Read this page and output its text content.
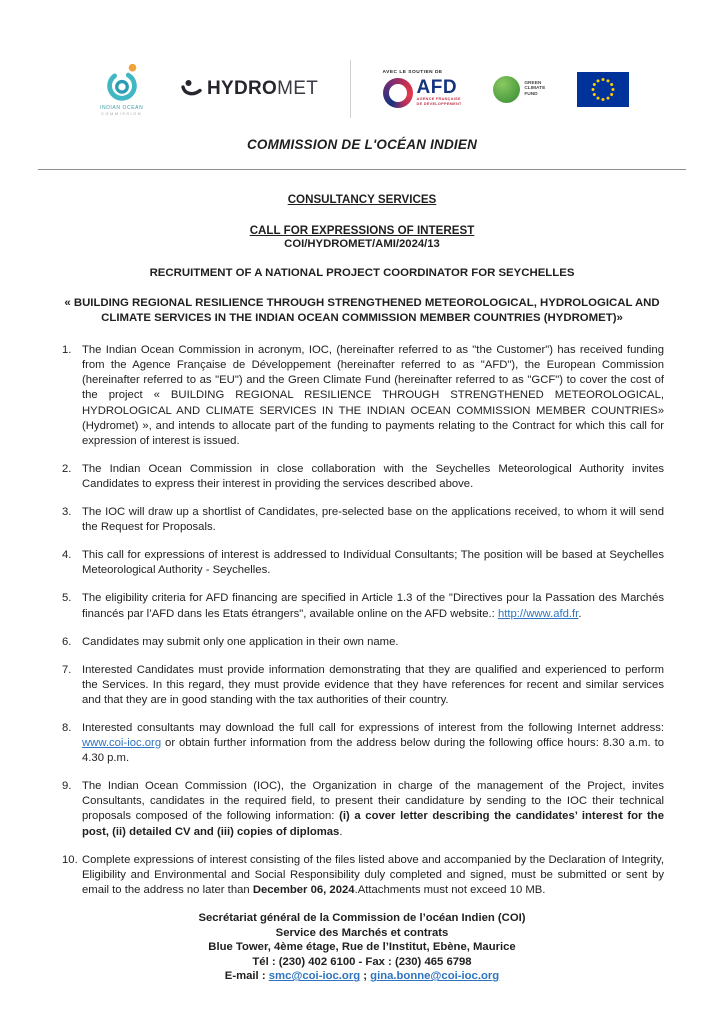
INDIAN OCEAN
COMMISSION
HYDROMET
AVEC LE SOUTIEN DE
AFD
AGENCE FRANÇAISE
DE DÉVELOPPEMENT
GREEN
CLIMATE
FUND
COMMISSION DE L'OCÉAN INDIEN
CONSULTANCY SERVICES
CALL FOR EXPRESSIONS OF INTEREST
COI/HYDROMET/AMI/2024/13
RECRUITMENT OF A NATIONAL PROJECT COORDINATOR FOR SEYCHELLES
« BUILDING REGIONAL RESILIENCE THROUGH STRENGTHENED METEOROLOGICAL, HYDROLOGICAL AND CLIMATE SERVICES IN THE INDIAN OCEAN COMMISSION MEMBER COUNTRIES (HYDROMET)»
1. The Indian Ocean Commission in acronym, IOC, (hereinafter referred to as "the Customer") has received funding from the Agence Française de Développement (hereinafter referred to as "AFD"), the European Commission (hereinafter referred to as "EU") and the Green Climate Fund (hereinafter referred to as "GCF") to cover the cost of the project « BUILDING REGIONAL RESILIENCE THROUGH STRENGTHENED METEOROLOGICAL, HYDROLOGICAL AND CLIMATE SERVICES IN THE INDIAN OCEAN COMMISSION MEMBER COUNTRIES» (Hydromet) », and intends to allocate part of the funding to payments relating to the Contract for which this call for expression of interest is issued.
2. The Indian Ocean Commission in close collaboration with the Seychelles Meteorological Authority invites Candidates to express their interest in providing the services described above.
3. The IOC will draw up a shortlist of Candidates, pre-selected base on the applications received, to whom it will send the Request for Proposals.
4. This call for expressions of interest is addressed to Individual Consultants; The position will be based at Seychelles Meteorological Authority - Seychelles.
5. The eligibility criteria for AFD financing are specified in Article 1.3 of the "Directives pour la Passation des Marchés financés par l’AFD dans les Etats étrangers", available online on the AFD website.: http://www.afd.fr.
6. Candidates may submit only one application in their own name.
7. Interested Candidates must provide information demonstrating that they are qualified and experienced to perform the Services. In this regard, they must provide evidence that they have references for recent and similar services and that they are in good standing with the tax authorities of their country.
8. Interested consultants may download the full call for expressions of interest from the following Internet address: www.coi-ioc.org or obtain further information from the address below during the following office hours: 8.30 a.m. to 4.30 p.m.
9. The Indian Ocean Commission (IOC), the Organization in charge of the management of the Project, invites Consultants, candidates in the required field, to present their candidature by sending to the IOC their technical proposals composed of the following information: (i) a cover letter describing the candidates’ interest for the post, (ii) detailed CV and (iii) copies of diplomas.
10. Complete expressions of interest consisting of the files listed above and accompanied by the Declaration of Integrity, Eligibility and Environmental and Social Responsibility duly completed and signed, must be submitted or sent by email to the address no later than December 06, 2024.Attachments must not exceed 10 MB.
Secrétariat général de la Commission de l’océan Indien (COI)
Service des Marchés et contrats
Blue Tower, 4ème étage, Rue de l’Institut, Ebène, Maurice
Tél : (230) 402 6100 - Fax : (230) 465 6798
E-mail : smc@coi-ioc.org ; gina.bonne@coi-ioc.org
